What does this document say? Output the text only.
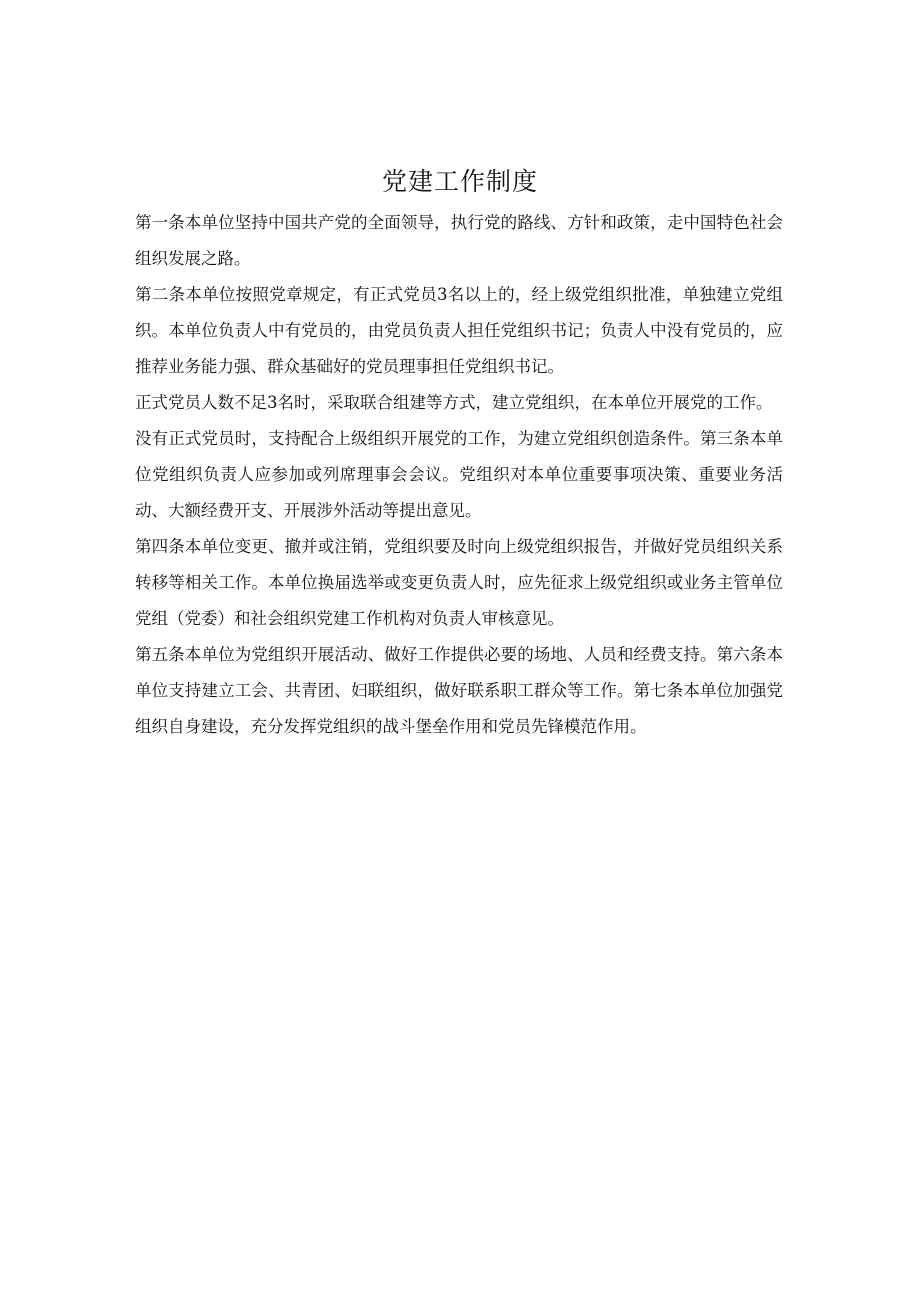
党建工作制度

第一条本单位坚持中国共产党的全面领导，执行党的路线、方针和政策，走中国特色社会组织发展之路。

第二条本单位按照党章规定，有正式党员3名以上的，经上级党组织批准，单独建立党组织。本单位负责人中有党员的，由党员负责人担任党组织书记；负责人中没有党员的，应推荐业务能力强、群众基础好的党员理事担任党组织书记。

正式党员人数不足3名时，采取联合组建等方式，建立党组织，在本单位开展党的工作。

没有正式党员时，支持配合上级组织开展党的工作，为建立党组织创造条件。第三条本单位党组织负责人应参加或列席理事会会议。党组织对本单位重要事项决策、重要业务活动、大额经费开支、开展涉外活动等提出意见。

第四条本单位变更、撤并或注销，党组织要及时向上级党组织报告，并做好党员组织关系转移等相关工作。本单位换届选举或变更负责人时，应先征求上级党组织或业务主管单位党组（党委）和社会组织党建工作机构对负责人审核意见。

第五条本单位为党组织开展活动、做好工作提供必要的场地、人员和经费支持。第六条本单位支持建立工会、共青团、妇联组织，做好联系职工群众等工作。第七条本单位加强党组织自身建设，充分发挥党组织的战斗堡垒作用和党员先锋模范作用。
